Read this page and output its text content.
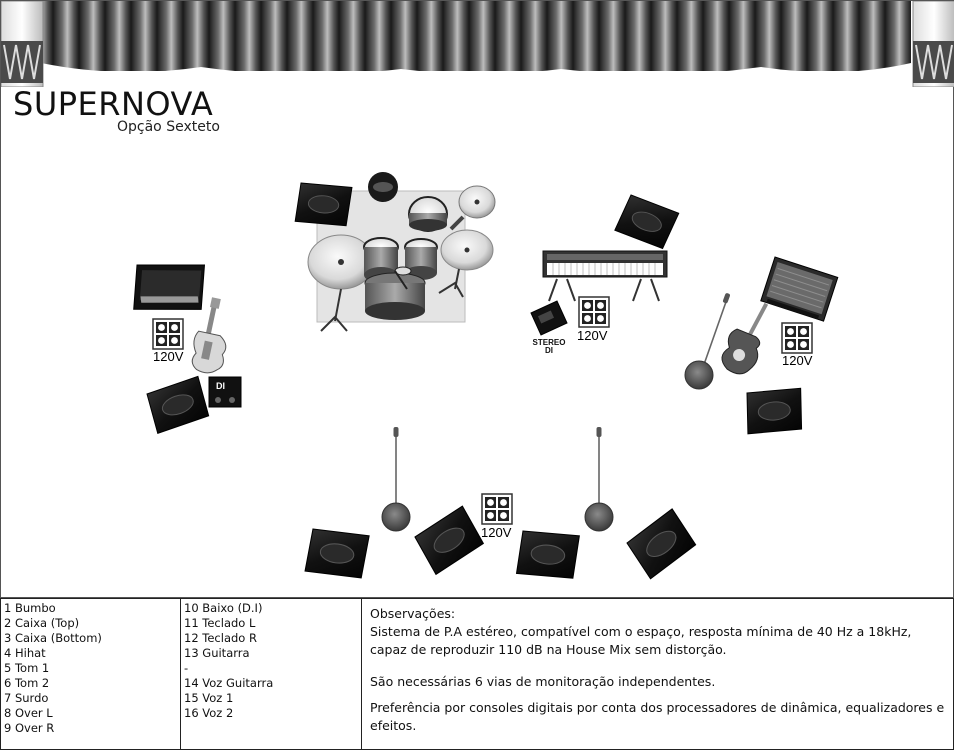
SUPERNOVA
Opção Sexteto
120V
120V
120V
120V
DI
STEREO
DI
1 Bumbo
2 Caixa (Top)
3 Caixa (Bottom)
4 Hihat
5 Tom 1
6 Tom 2
7 Surdo
8 Over L
9 Over R
10 Baixo (D.I)
11 Teclado L
12 Teclado R
13 Guitarra
-
14 Voz Guitarra
15 Voz 1
16 Voz 2

Observações:

Sistema de P.A estéreo, compatível com o espaço, resposta mínima de 40 Hz a 18kHz, capaz de reproduzir 110 dB na House Mix sem distorção.

São necessárias 6 vias de monitoração independentes.

Preferência por consoles digitais por conta dos processadores de dinâmica, equalizadores e efeitos.
